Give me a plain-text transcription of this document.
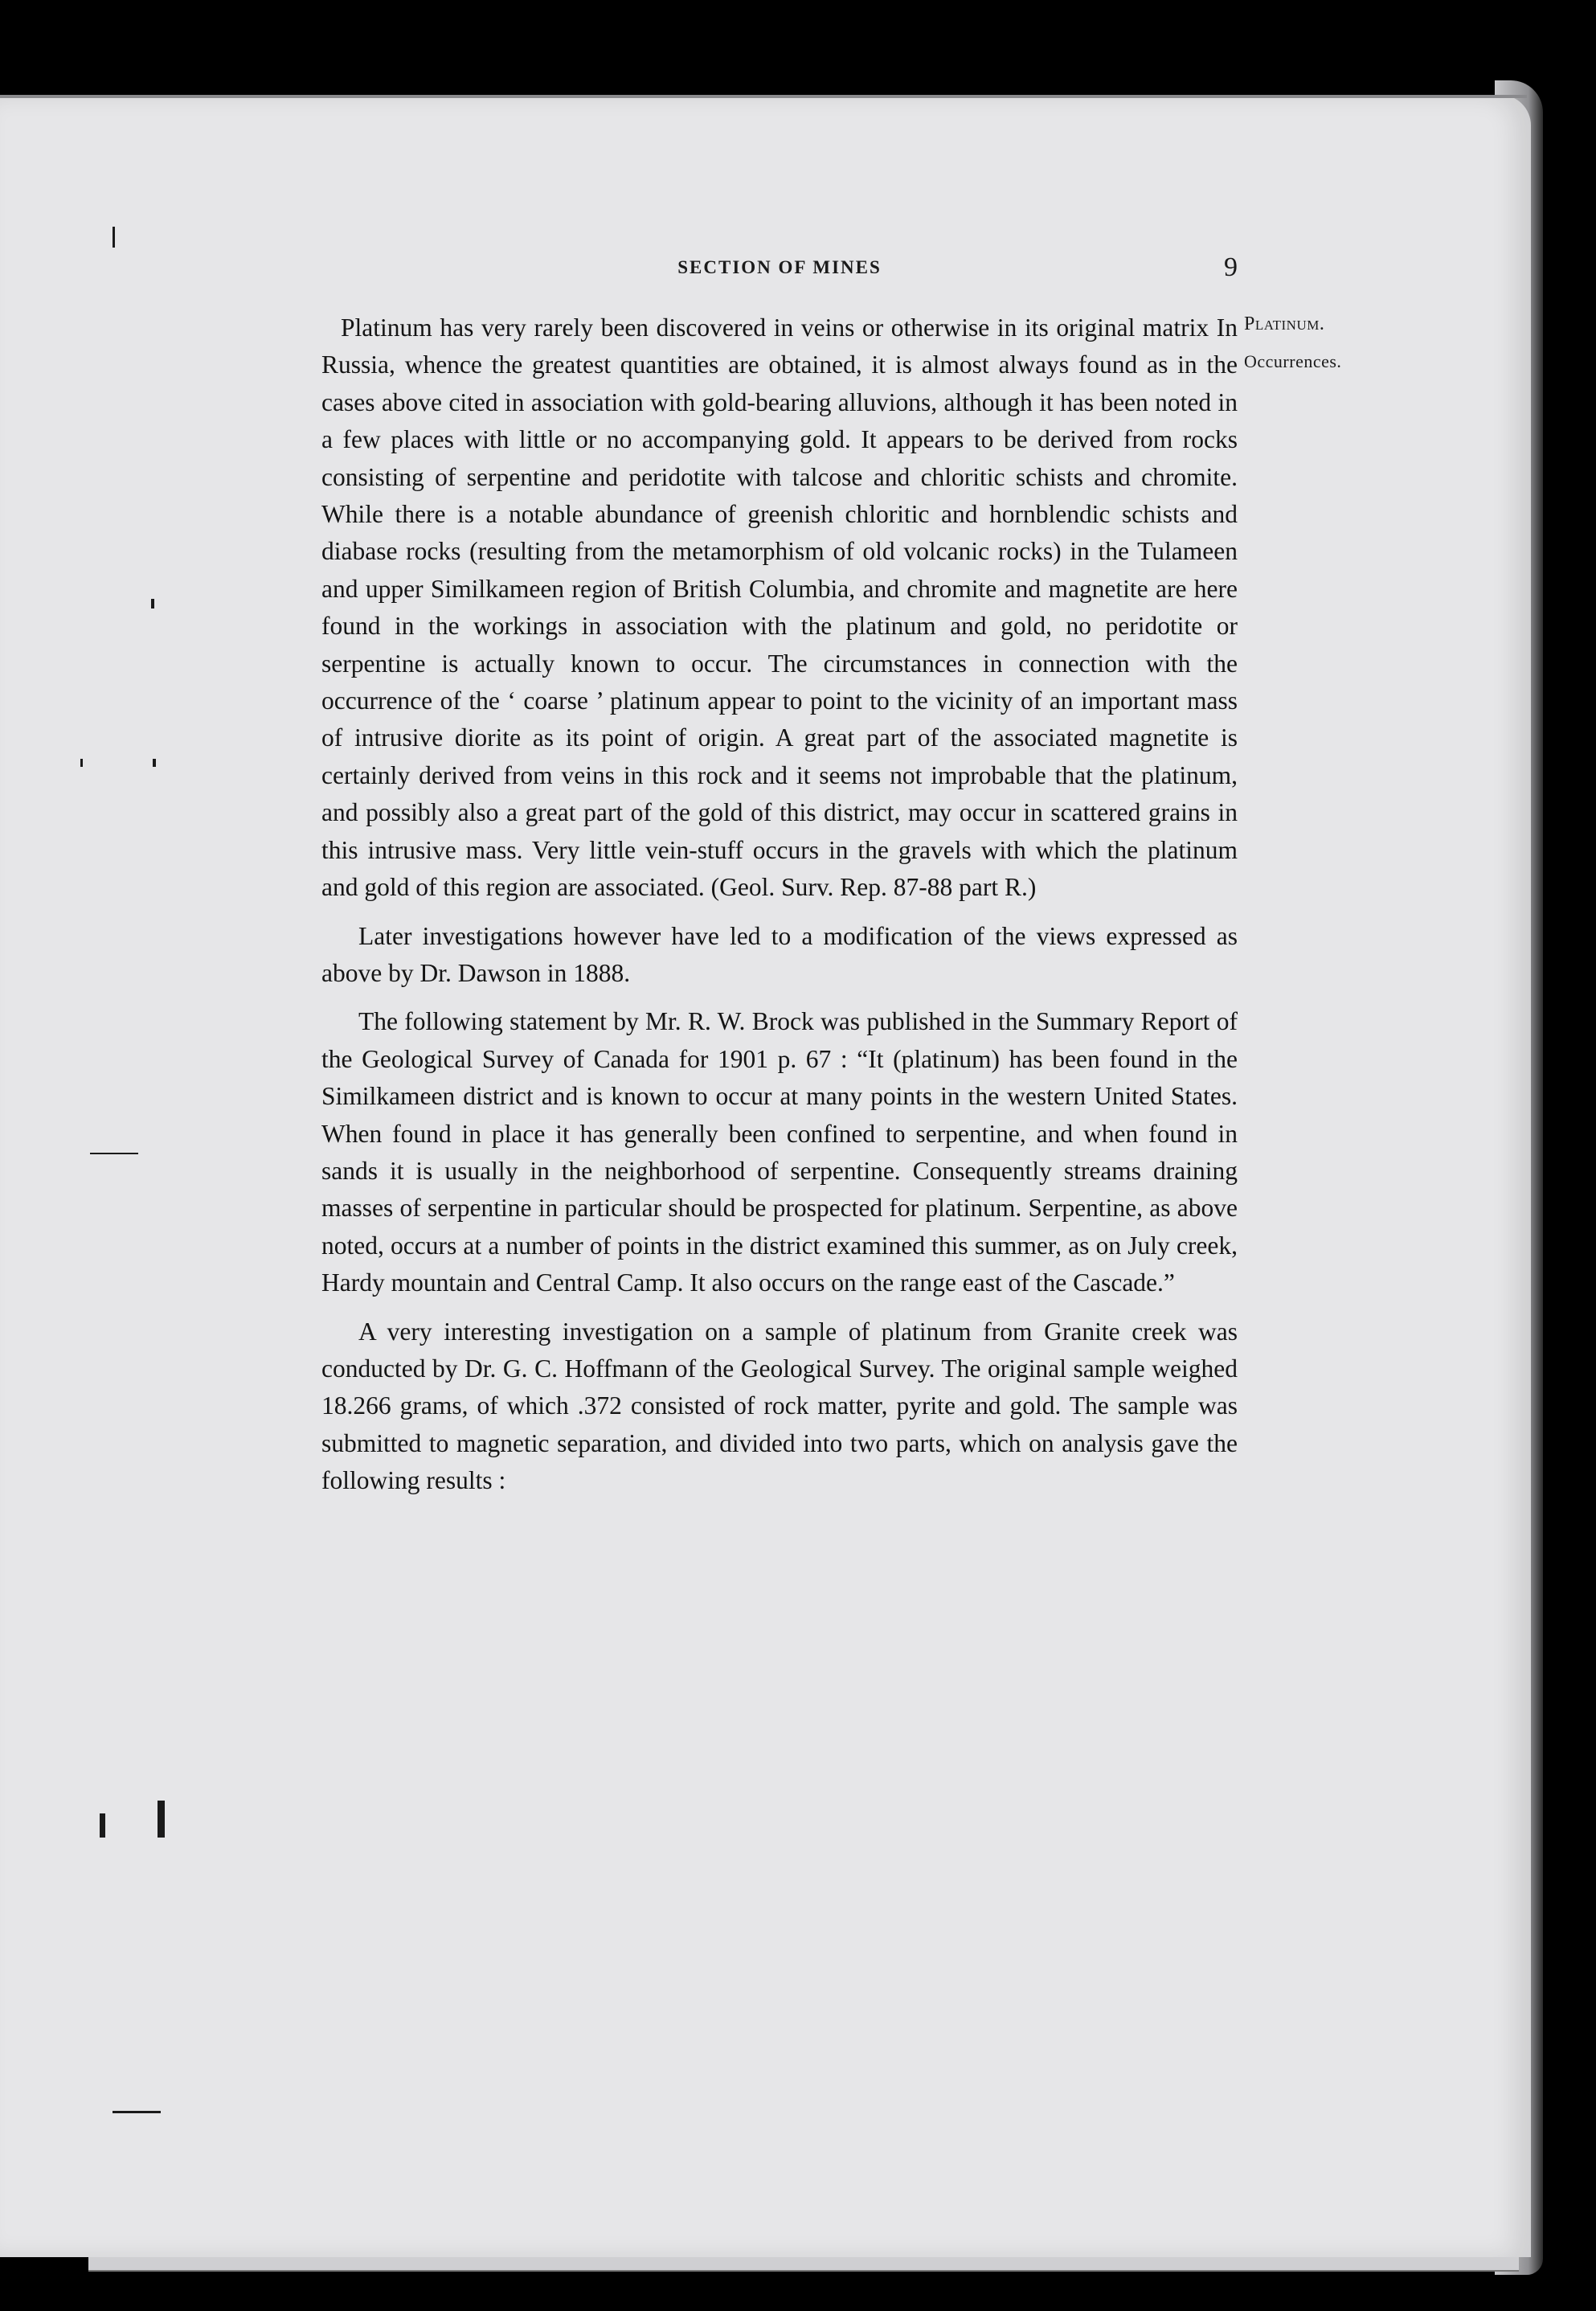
SECTION OF MINES	9
Platinum.
Occurrences.

Platinum has very rarely been discovered in veins or otherwise in its original matrix In Russia, whence the greatest quantities are obtained, it is almost always found as in the cases above cited in association with gold-bearing alluvions, although it has been noted in a few places with little or no accompanying gold. It appears to be derived from rocks consisting of serpentine and peridotite with talcose and chloritic schists and chromite. While there is a notable abundance of greenish chloritic and hornblendic schists and diabase rocks (resulting from the metamorphism of old volcanic rocks) in the Tulameen and upper Similkameen region of British Columbia, and chromite and magnetite are here found in the workings in association with the platinum and gold, no peridotite or serpentine is actually known to occur. The circumstances in connection with the occurrence of the ‘ coarse ’ platinum appear to point to the vicinity of an important mass of intrusive diorite as its point of origin. A great part of the associated magnetite is certainly derived from veins in this rock and it seems not improbable that the platinum, and possibly also a great part of the gold of this district, may occur in scattered grains in this intrusive mass. Very little vein-stuff occurs in the gravels with which the platinum and gold of this region are associated. (Geol. Surv. Rep. 87-88 part R.)

Later investigations however have led to a modification of the views expressed as above by Dr. Dawson in 1888.

The following statement by Mr. R. W. Brock was published in the Summary Report of the Geological Survey of Canada for 1901 p. 67 : “It (platinum) has been found in the Similkameen district and is known to occur at many points in the western United States. When found in place it has generally been confined to serpentine, and when found in sands it is usually in the neighborhood of serpentine. Consequently streams draining masses of serpentine in particular should be prospected for platinum. Serpentine, as above noted, occurs at a number of points in the district examined this summer, as on July creek, Hardy mountain and Central Camp. It also occurs on the range east of the Cascade.”

A very interesting investigation on a sample of platinum from Granite creek was conducted by Dr. G. C. Hoffmann of the Geological Survey. The original sample weighed 18.266 grams, of which .372 consisted of rock matter, pyrite and gold. The sample was submitted to magnetic separation, and divided into two parts, which on analysis gave the following results :
